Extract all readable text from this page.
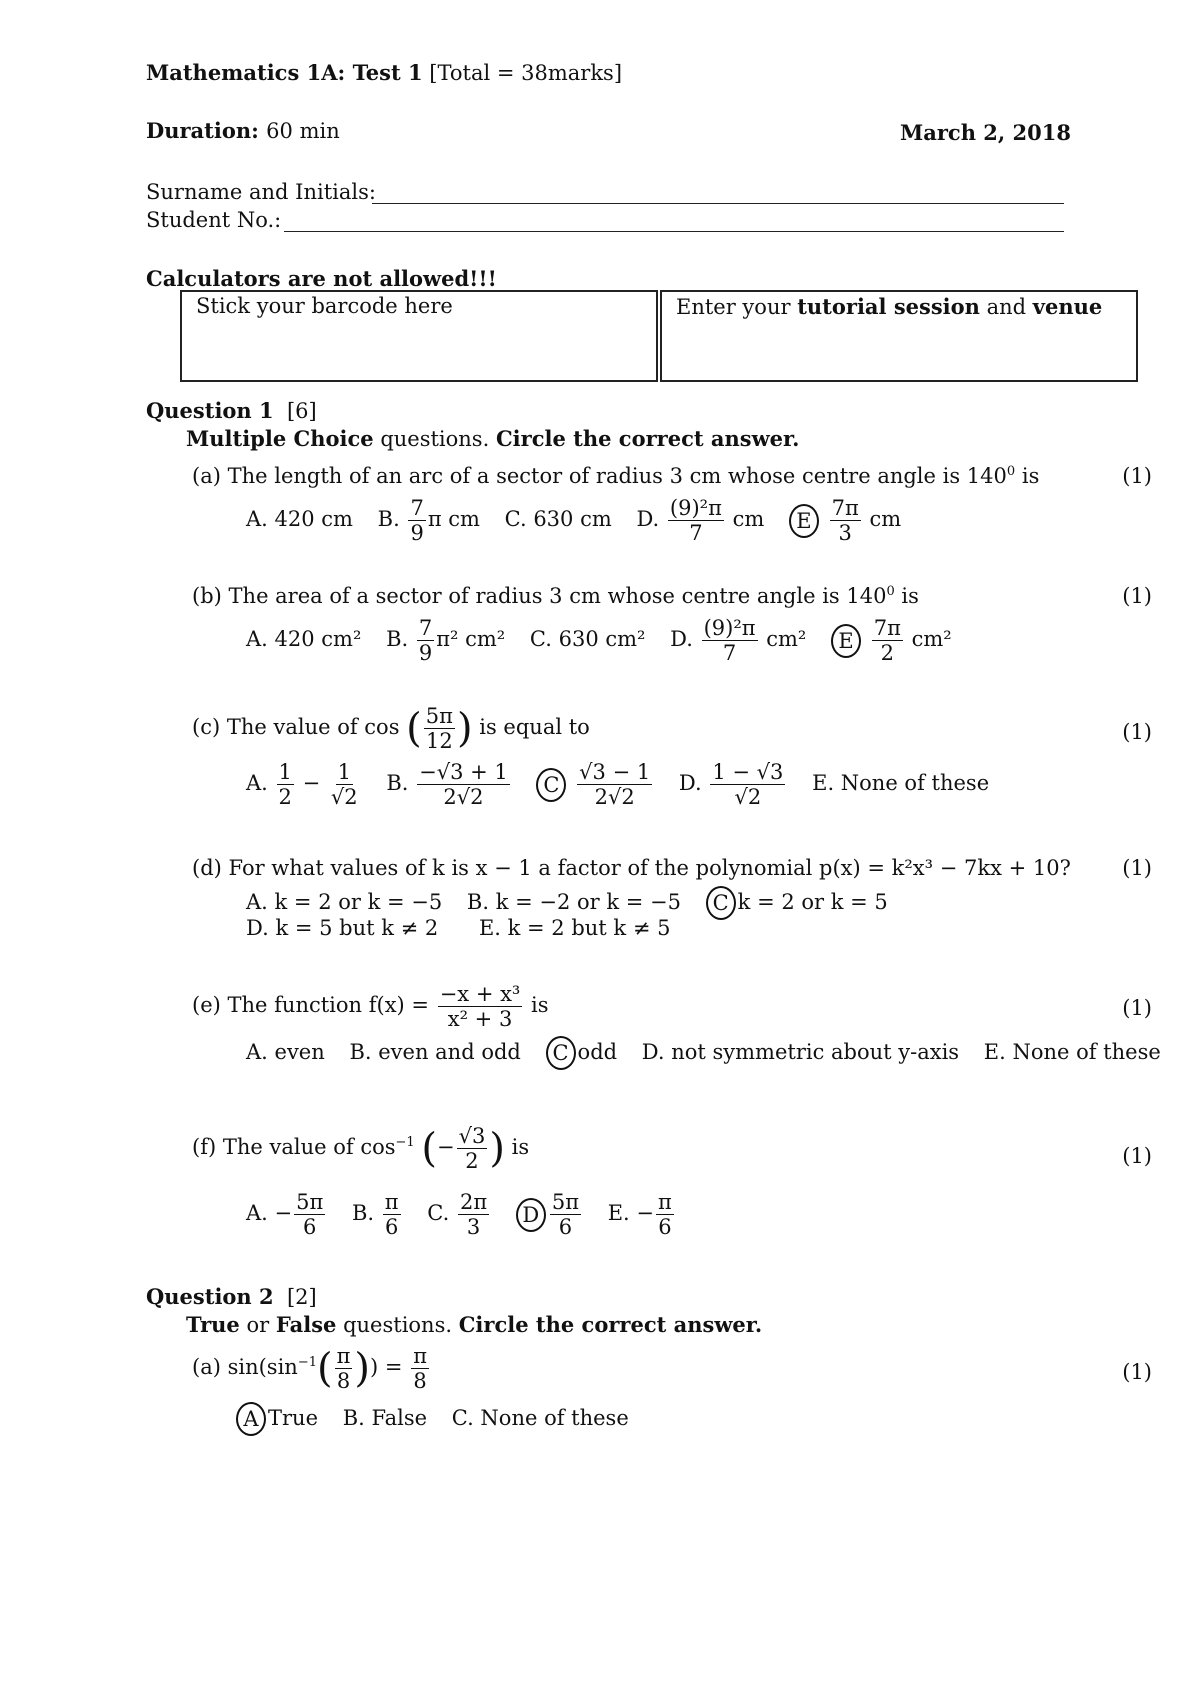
Mathematics 1A: Test 1 [Total = 38marks]
Duration: 60 min	March 2, 2018
Surname and Initials:
Student No.:
Calculators are not allowed!!!
Stick your barcode here	Enter your tutorial session and venue
Question 1 [6]
Multiple Choice questions. Circle the correct answer.
(a) The length of an arc of a sector of radius 3 cm whose centre angle is $140^0$ is	(1)
A. 420 cm B. $\frac{7}{9}$ π cm C. 630 cm D. $\frac{\text{(9)²π}}{7}$ cm E $\frac{7\pi}{3}$ cm
(b) The area of a sector of radius 3 cm whose centre angle is $140^0$ is	(1)
A. 420 cm² B. $\frac{7}{9} \pi^2$ cm² C. 630 cm² D. $\frac{\text{(9)²π}}{7} cm^2$ E $\frac{7\pi}{2} cm^2$
(c) The value of cos ( $\frac{5\pi}{12}$ ) is equal to	(1)
A. $\frac{1}{2} - \frac{1}{√2} B$. $\frac{-√3 + 1}{2√2}$ C $\frac{√3 - 1}{2√2} D$. $\frac{1 - √3}{√2} E$. None of these
(d) For what values of k is x − 1 a factor of the polynomial p(x) = k²x³ − 7kx + 10? (1)
A. k = 2 or k = −5 B. k = −2 or k = −5 C k = 2 or k = 5
D. k = 5 but k ≠ 2 E. k = 2 but k ≠ 5
(e) The function $f(x) = \frac{\text{−x + x³}}{\text{x² + 3}}$ is	(1)
A. even B. even and odd C odd D. not symmetric about y-axis E. None of these
(f) The value of $\cos^{-1}$ (− $\frac{√3}{2}$ ) is	(1)
A. − $\frac{5\pi}{6} B$. $\frac{\pi}{6} C$. $\frac{2\pi}{3}$ D $\frac{5\pi}{6} E$. − $\frac{\pi}{6}$
Question 2 [2]
True or False questions. Circle the correct answer.
(a) $\sin(\sin^{-1}( \frac{\pi}{8}$ )) = $\frac{\pi}{8}$	(1)
A True B. False C. None of these
